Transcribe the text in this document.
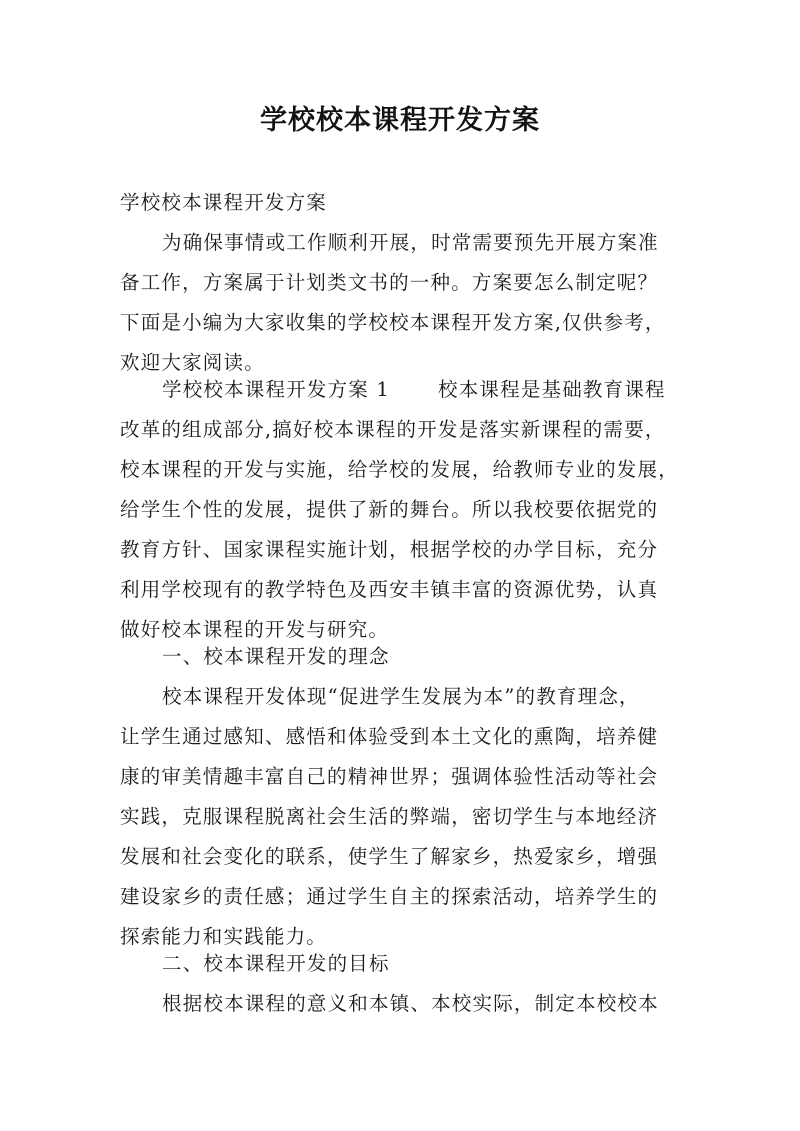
学校校本课程开发方案
学校校本课程开发方案
为确保事情或工作顺利开展，时常需要预先开展方案准
备工作，方案属于计划类文书的一种。方案要怎么制定呢？
下面是小编为大家收集的学校校本课程开发方案,仅供参考，
欢迎大家阅读。
学校校本课程开发方案 1 校本课程是基础教育课程
改革的组成部分,搞好校本课程的开发是落实新课程的需要，
校本课程的开发与实施，给学校的发展，给教师专业的发展，
给学生个性的发展，提供了新的舞台。所以我校要依据党的
教育方针、国家课程实施计划，根据学校的办学目标，充分
利用学校现有的教学特色及西安丰镇丰富的资源优势，认真
做好校本课程的开发与研究。
一、校本课程开发的理念
校本课程开发体现“促进学生发展为本”的教育理念，
让学生通过感知、感悟和体验受到本土文化的熏陶，培养健
康的审美情趣丰富自己的精神世界；强调体验性活动等社会
实践，克服课程脱离社会生活的弊端，密切学生与本地经济
发展和社会变化的联系，使学生了解家乡，热爱家乡，增强
建设家乡的责任感；通过学生自主的探索活动，培养学生的
探索能力和实践能力。
二、校本课程开发的目标
根据校本课程的意义和本镇、本校实际，制定本校校本
